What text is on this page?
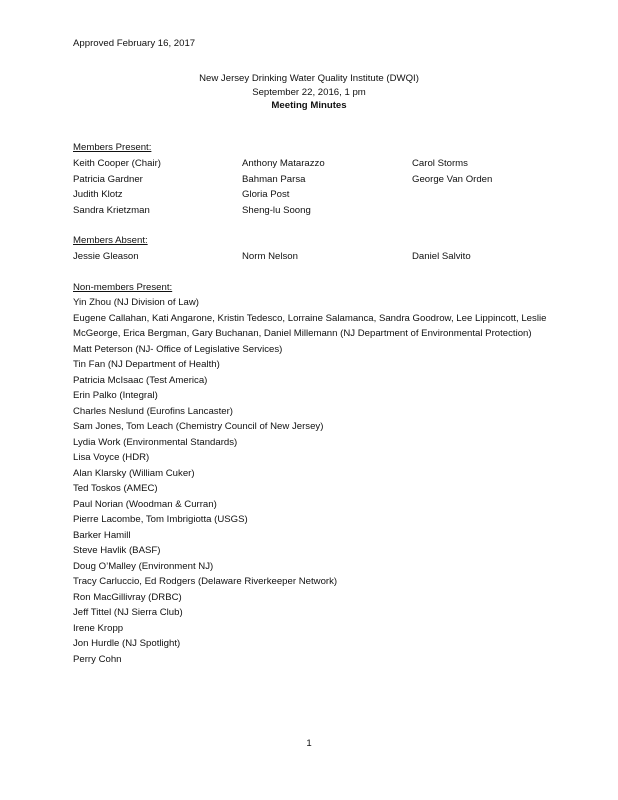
Approved February 16, 2017
New Jersey Drinking Water Quality Institute (DWQI)
September 22, 2016, 1 pm
Meeting Minutes
Members Present:
Keith Cooper (Chair)
Patricia Gardner
Judith Klotz
Sandra Krietzman
Anthony Matarazzo
Bahman Parsa
Gloria Post
Sheng-lu Soong
Carol Storms
George Van Orden
Members Absent:
Jessie Gleason	Norm Nelson	Daniel Salvito
Non-members Present:
Yin Zhou (NJ Division of Law)
Eugene Callahan, Kati Angarone, Kristin Tedesco, Lorraine Salamanca, Sandra Goodrow, Lee Lippincott, Leslie McGeorge, Erica Bergman, Gary Buchanan, Daniel Millemann (NJ Department of Environmental Protection)
Matt Peterson (NJ- Office of Legislative Services)
Tin Fan (NJ Department of Health)
Patricia McIsaac (Test America)
Erin Palko (Integral)
Charles Neslund (Eurofins Lancaster)
Sam Jones, Tom Leach (Chemistry Council of New Jersey)
Lydia Work (Environmental Standards)
Lisa Voyce (HDR)
Alan Klarsky (William Cuker)
Ted Toskos (AMEC)
Paul Norian (Woodman & Curran)
Pierre Lacombe, Tom Imbrigiotta (USGS)
Barker Hamill
Steve Havlik (BASF)
Doug O’Malley (Environment NJ)
Tracy Carluccio, Ed Rodgers (Delaware Riverkeeper Network)
Ron MacGillivray (DRBC)
Jeff Tittel (NJ Sierra Club)
Irene Kropp
Jon Hurdle (NJ Spotlight)
Perry Cohn
1
